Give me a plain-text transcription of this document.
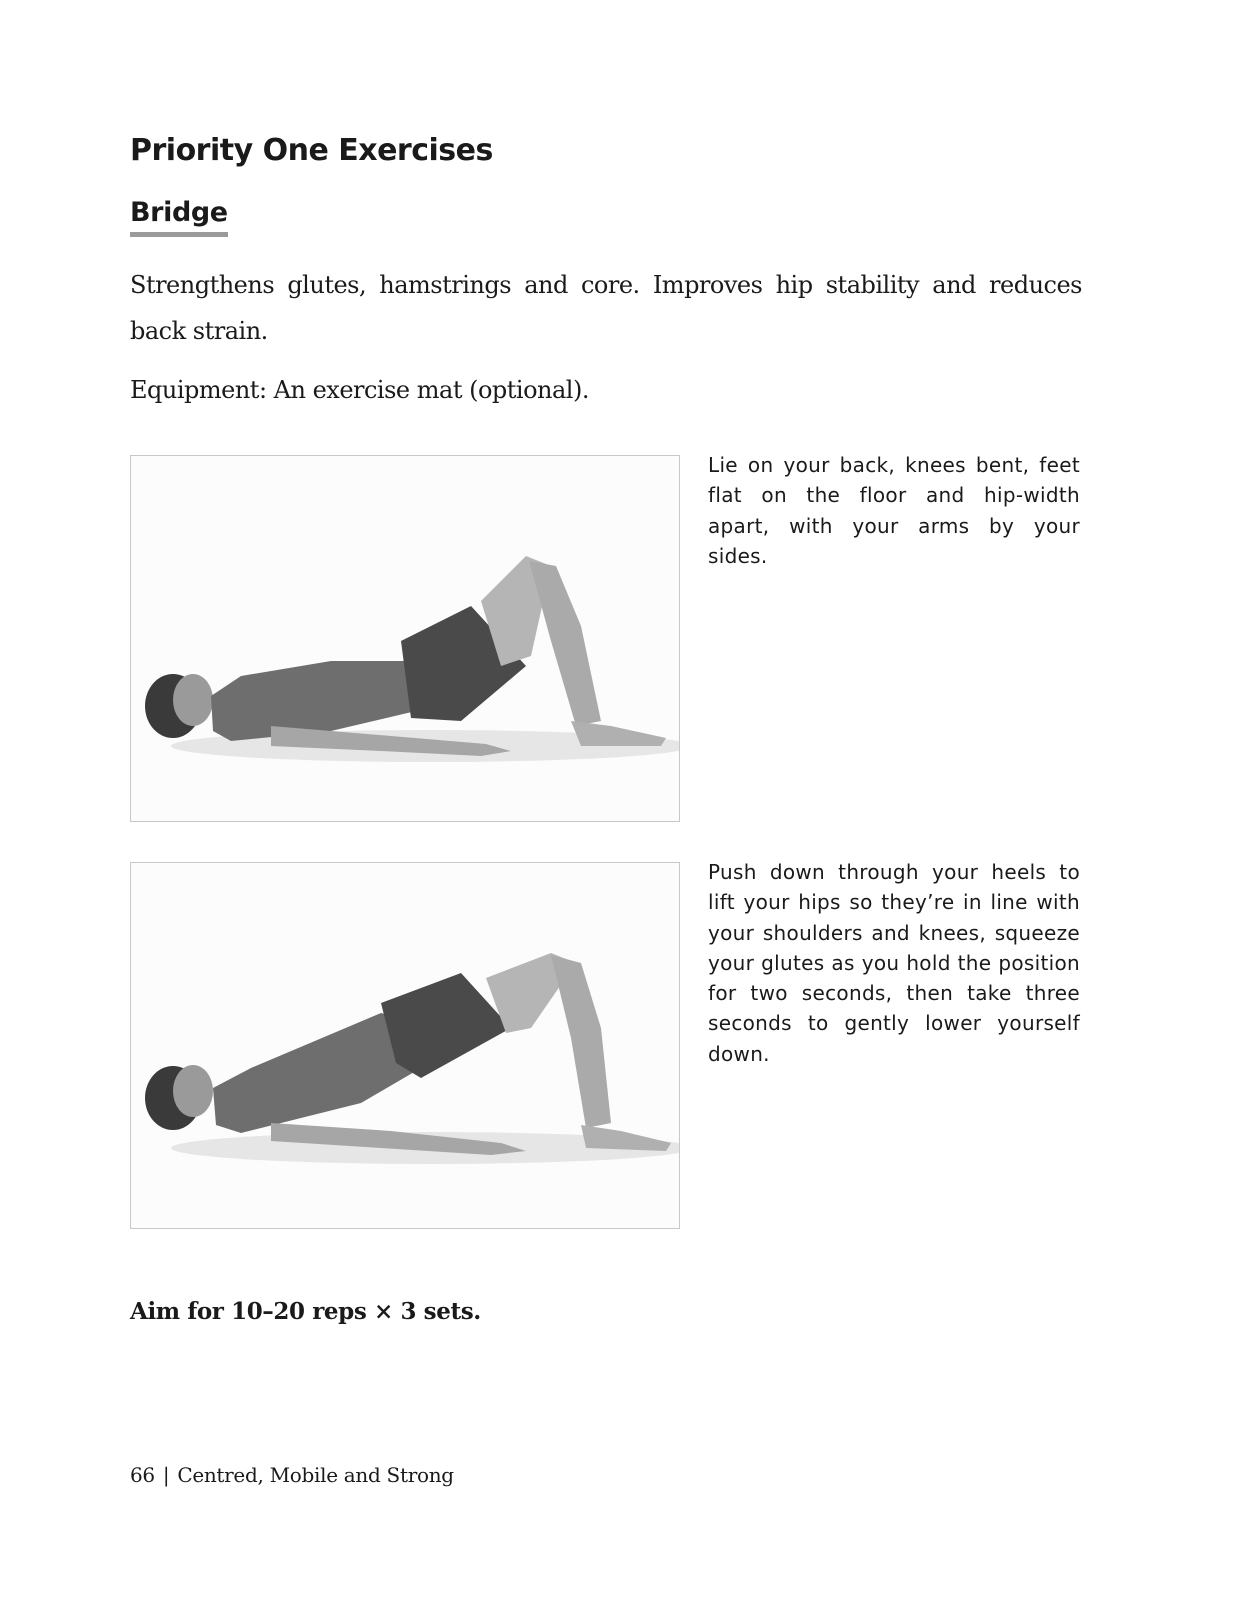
Priority One Exercises
Bridge

Strengthens glutes, hamstrings and core. Improves hip stability and reduces back strain.

Equipment: An exercise mat (optional).

Lie on your back, knees bent, feet flat on the floor and hip-width apart, with your arms by your sides.

Push down through your heels to lift your hips so they’re in line with your shoulders and knees, squeeze your glutes as you hold the position for two seconds, then take three seconds to gently lower yourself down.

Aim for 10–20 reps × 3 sets.

66 | Centred, Mobile and Strong
